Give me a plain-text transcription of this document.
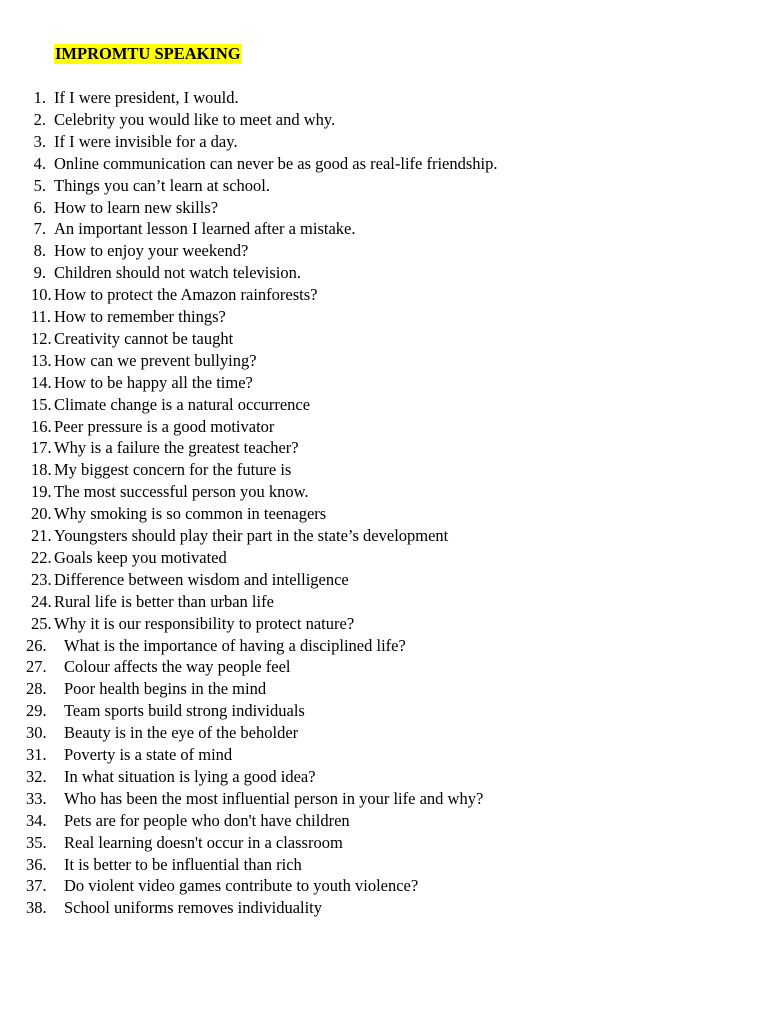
IMPROMTU SPEAKING
1. If I were president, I would.
2. Celebrity you would like to meet and why.
3. If I were invisible for a day.
4. Online communication can never be as good as real-life friendship.
5. Things you can’t learn at school.
6. How to learn new skills?
7. An important lesson I learned after a mistake.
8. How to enjoy your weekend?
9. Children should not watch television.
10. How to protect the Amazon rainforests?
11. How to remember things?
12. Creativity cannot be taught
13. How can we prevent bullying?
14. How to be happy all the time?
15. Climate change is a natural occurrence
16. Peer pressure is a good motivator
17. Why is a failure the greatest teacher?
18. My biggest concern for the future is
19. The most successful person you know.
20. Why smoking is so common in teenagers
21. Youngsters should play their part in the state’s development
22. Goals keep you motivated
23. Difference between wisdom and intelligence
24. Rural life is better than urban life
25. Why it is our responsibility to protect nature?
26.	What is the importance of having a disciplined life?
27.	Colour affects the way people feel
28.	Poor health begins in the mind
29.	Team sports build strong individuals
30.	Beauty is in the eye of the beholder
31.	Poverty is a state of mind
32.	In what situation is lying a good idea?
33.	Who has been the most influential person in your life and why?
34.	Pets are for people who don't have children
35.	Real learning doesn't occur in a classroom
36.	It is better to be influential than rich
37.	Do violent video games contribute to youth violence?
38.	School uniforms removes individuality
